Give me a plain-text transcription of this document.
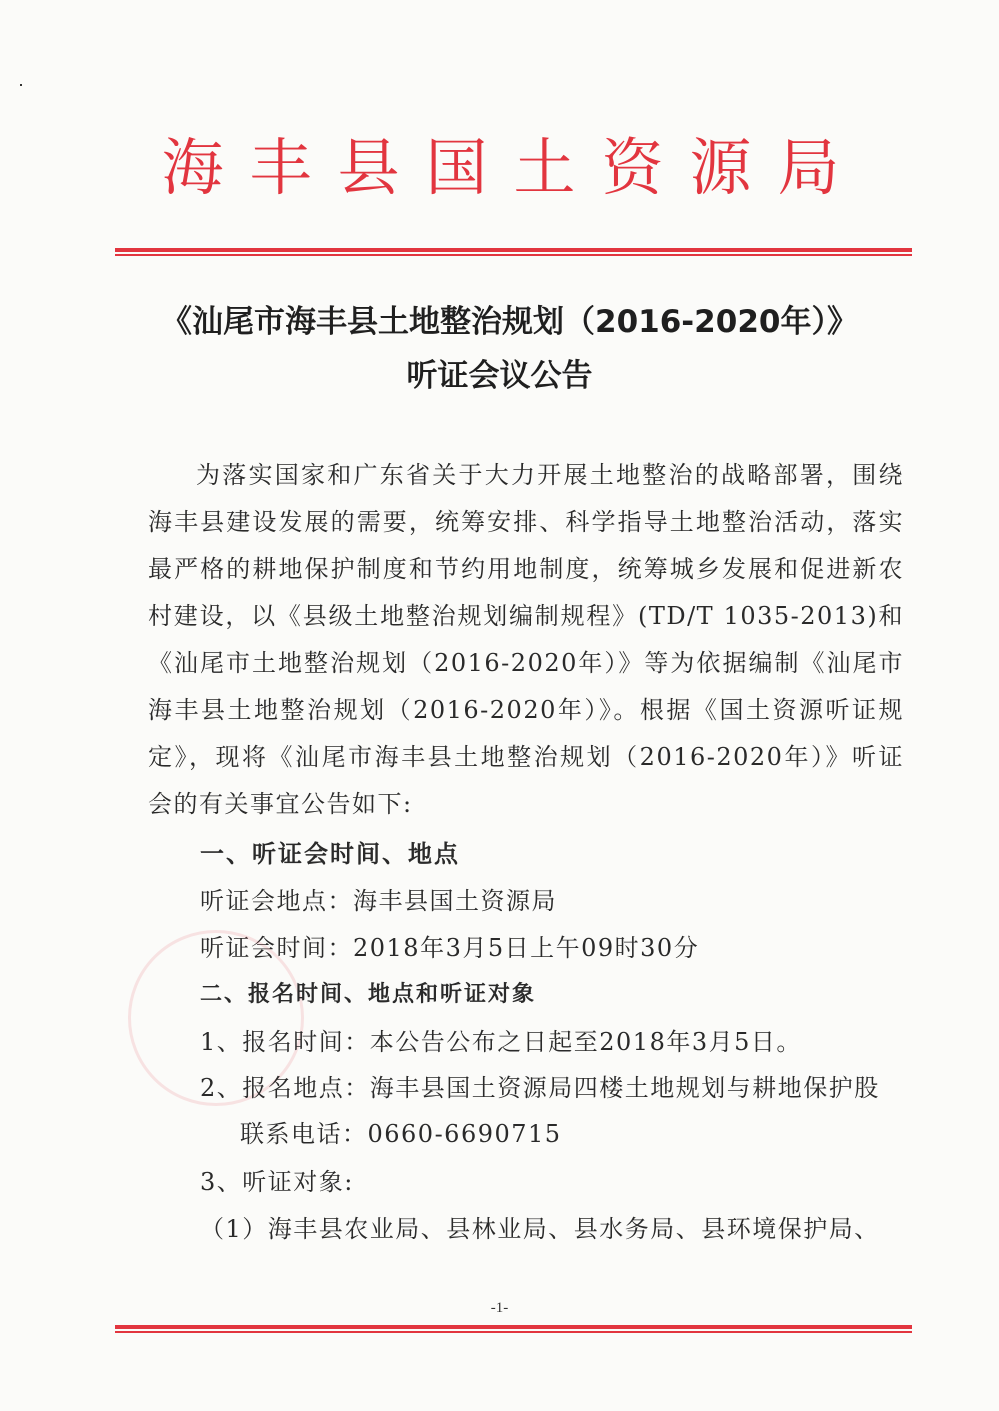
海丰县国土资源局
《汕尾市海丰县土地整治规划（2016-2020年）》
听证会议公告
为落实国家和广东省关于大力开展土地整治的战略部署，围绕海丰县建设发展的需要，统筹安排、科学指导土地整治活动，落实最严格的耕地保护制度和节约用地制度，统筹城乡发展和促进新农村建设，以《县级土地整治规划编制规程》(TD/T 1035-2013)和《汕尾市土地整治规划（2016-2020年）》等为依据编制《汕尾市海丰县土地整治规划（2016-2020年）》。根据《国土资源听证规定》，现将《汕尾市海丰县土地整治规划（2016-2020年）》听证会的有关事宜公告如下:
一、听证会时间、地点
听证会地点：海丰县国土资源局
听证会时间：2018年3月5日上午09时30分
二、报名时间、地点和听证对象
1、报名时间：本公告公布之日起至2018年3月5日。
2、报名地点：海丰县国土资源局四楼土地规划与耕地保护股
联系电话：0660-6690715
3、听证对象:
（1）海丰县农业局、县林业局、县水务局、县环境保护局、
-1-
